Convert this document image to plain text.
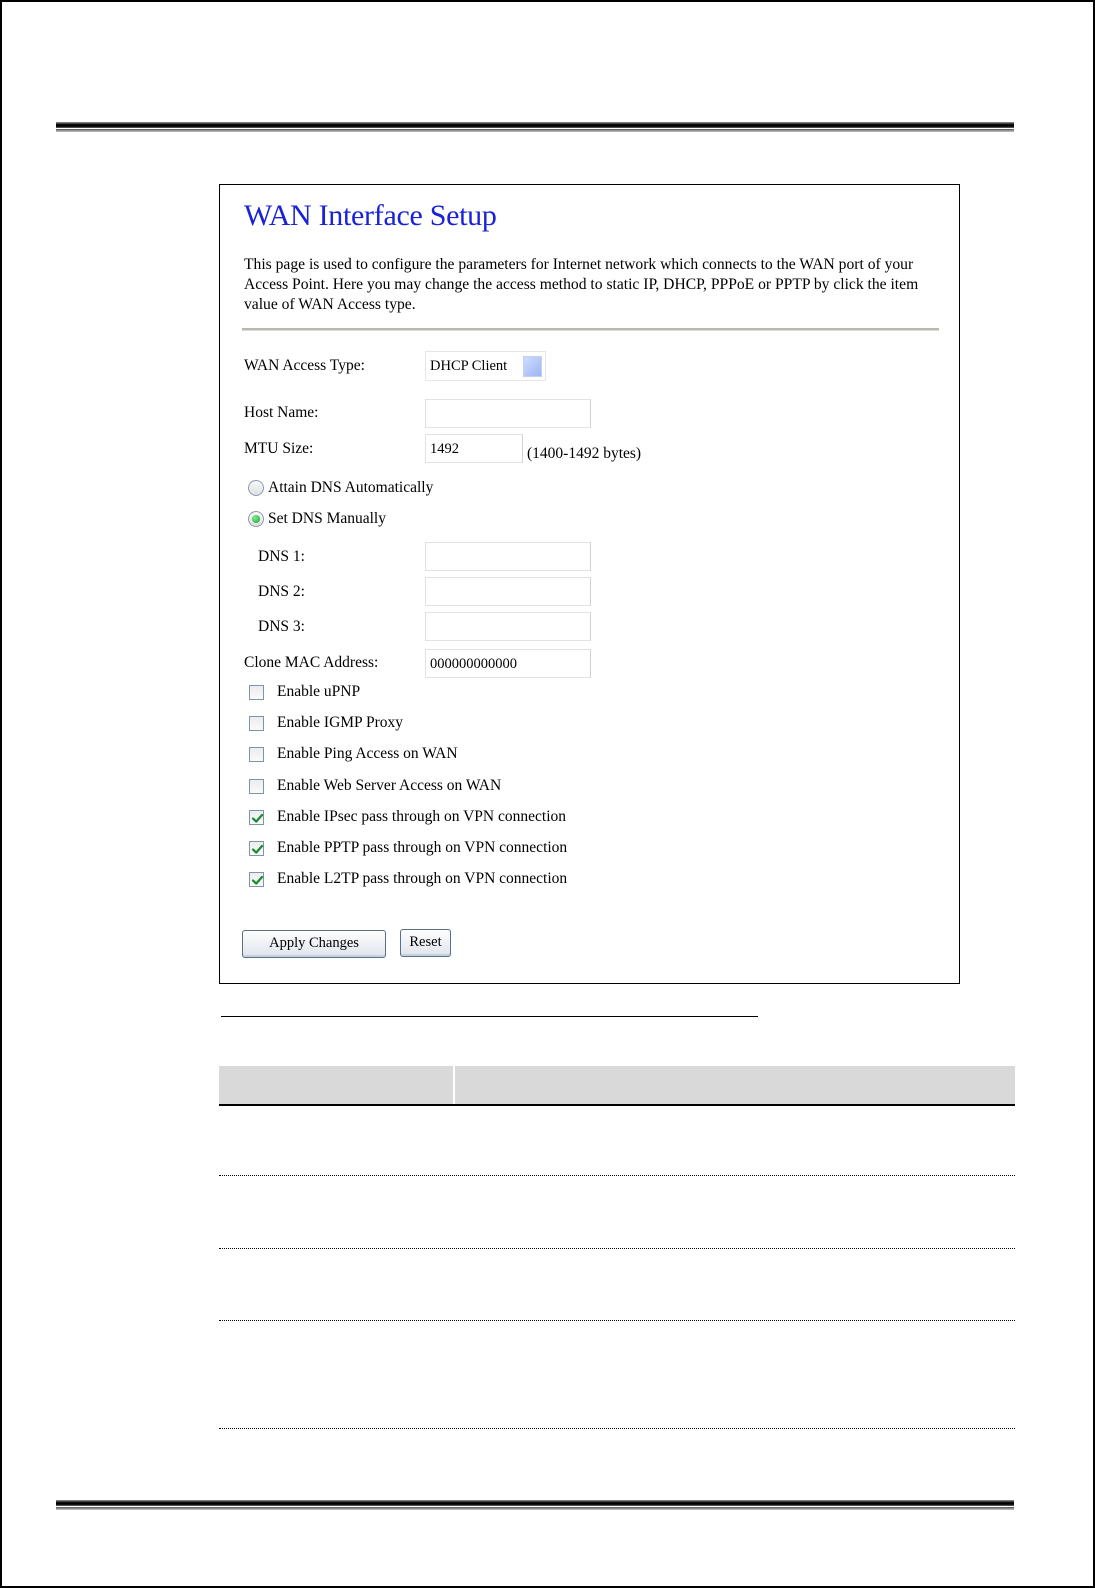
WAN Interface Setup
This page is used to configure the parameters for Internet network which connects to the WAN port of your Access Point. Here you may change the access method to static IP, DHCP, PPPoE or PPTP by click the item value of WAN Access type.
WAN Access Type:	DHCP Client
Host Name:
MTU Size:	1492	(1400-1492 bytes)
Attain DNS Automatically
Set DNS Manually
DNS 1:
DNS 2:
DNS 3:
Clone MAC Address:	000000000000
Enable uPNP
Enable IGMP Proxy
Enable Ping Access on WAN
Enable Web Server Access on WAN
Enable IPsec pass through on VPN connection
Enable PPTP pass through on VPN connection
Enable L2TP pass through on VPN connection
Apply Changes	Reset
